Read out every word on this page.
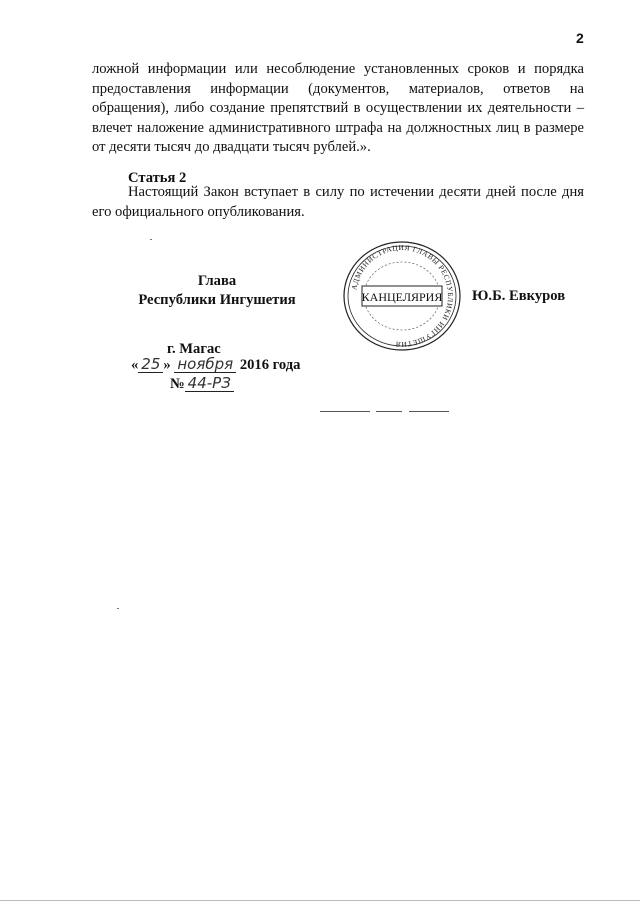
2

ложной информации или несоблюдение установленных сроков и порядка предоставления информации (документов, материалов, ответов на обращения), либо создание препятствий в осуществлении их деятельности – влечет наложение административного штрафа на должностных лиц в размере от десяти тысяч до двадцати тысяч рублей.».

Статья 2
Настоящий Закон вступает в силу по истечении десяти дней после дня его официального опубликования.
Глава
Республики Ингушетия
АДМИНИСТРАЦИЯ ГЛАВЫ РЕСПУБЛИКИ ИНГУШЕТИЯ
КАНЦЕЛЯРИЯ Ю.Б. Евкуров
г. Магас
« 25 » ноября 2016 года
№ 44-РЗ
